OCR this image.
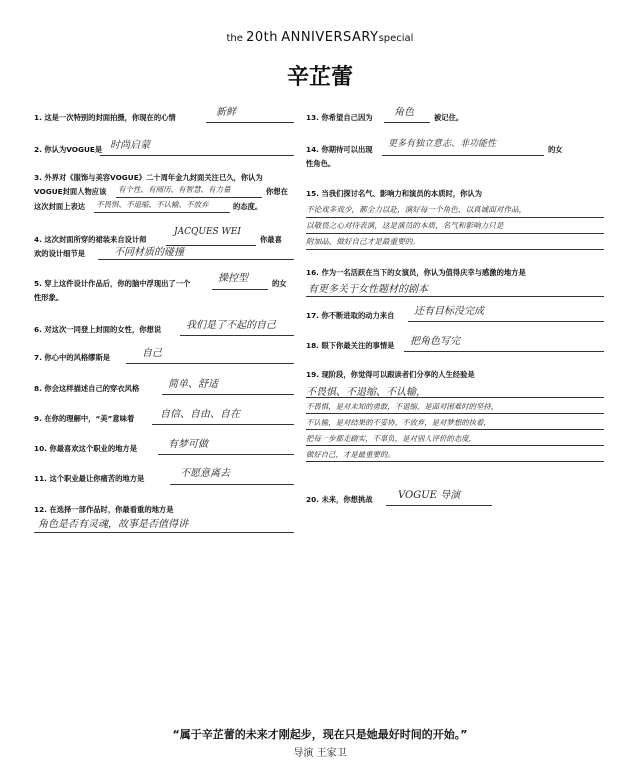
the 20th ANNIVERSARYspecial
辛芷蕾
1. 这是一次特别的封面拍摄，你现在的心情	新鲜
2. 你认为VOGUE是 时尚启蒙
3. 外界对《服饰与美容VOGUE》二十周年金九封面关注已久，你认为
VOGUE封面人物应该 有个性、有阅历、有智慧、有力量	你想在
这次封面上表达 不畏惧、不退缩、不认输、不放弃	的态度。
4. 这次封面所穿的裙装来自设计师
JACQUES WEI
你最喜
欢的设计细节是	不同材质的碰撞
5. 穿上这件设计作品后，你的脑中浮现出了一个	操控型	的女
性形象。
6. 对这次一同登上封面的女性，你想说 我们是了不起的自己
7. 你心中的风格缪斯是	自己
8. 你会这样描述自己的穿衣风格	简单、舒适
9. 在你的理解中，“美”意味着	自信、自由、自在
10. 你最喜欢这个职业的地方是	有梦可做
11. 这个职业最让你痛苦的地方是	不愿意离去
12. 在选择一部作品时，你最看重的地方是
角色是否有灵魂，故事是否值得讲
13. 你希望自己因为 角色	被记住。
14. 你期待可以出现
更多有独立意志、非功能性
的女
性角色。
15. 当我们探讨名气、影响力和演员的本质时，你认为
不论戏多戏少，都全力以赴，演好每一个角色，以真诚面对作品，
以敬畏之心对待表演，这是演员的本质，名气和影响力只是
附加品，做好自己才是最重要的。
16. 作为一名活跃在当下的女演员，你认为值得庆幸与感激的地方是
有更多关于女性题材的剧本
17. 你不断进取的动力来自 还有目标没完成
18. 眼下你最关注的事情是 把角色写完
19. 现阶段，你觉得可以跟读者们分享的人生经验是
不畏惧、不退缩、不认输，
不畏惧，是对未知的勇敢，不退缩，是面对困难时的坚持，
不认输，是对结果的不妥协，不放弃，是对梦想的执着，
把每一步都走踏实，不辜负，是对别人评价的态度，
做好自己，才是最重要的。
20. 未来，你想挑战	VOGUE 导演
“属于辛芷蕾的未来才刚起步，现在只是她最好时间的开始。”
导演 王家卫
